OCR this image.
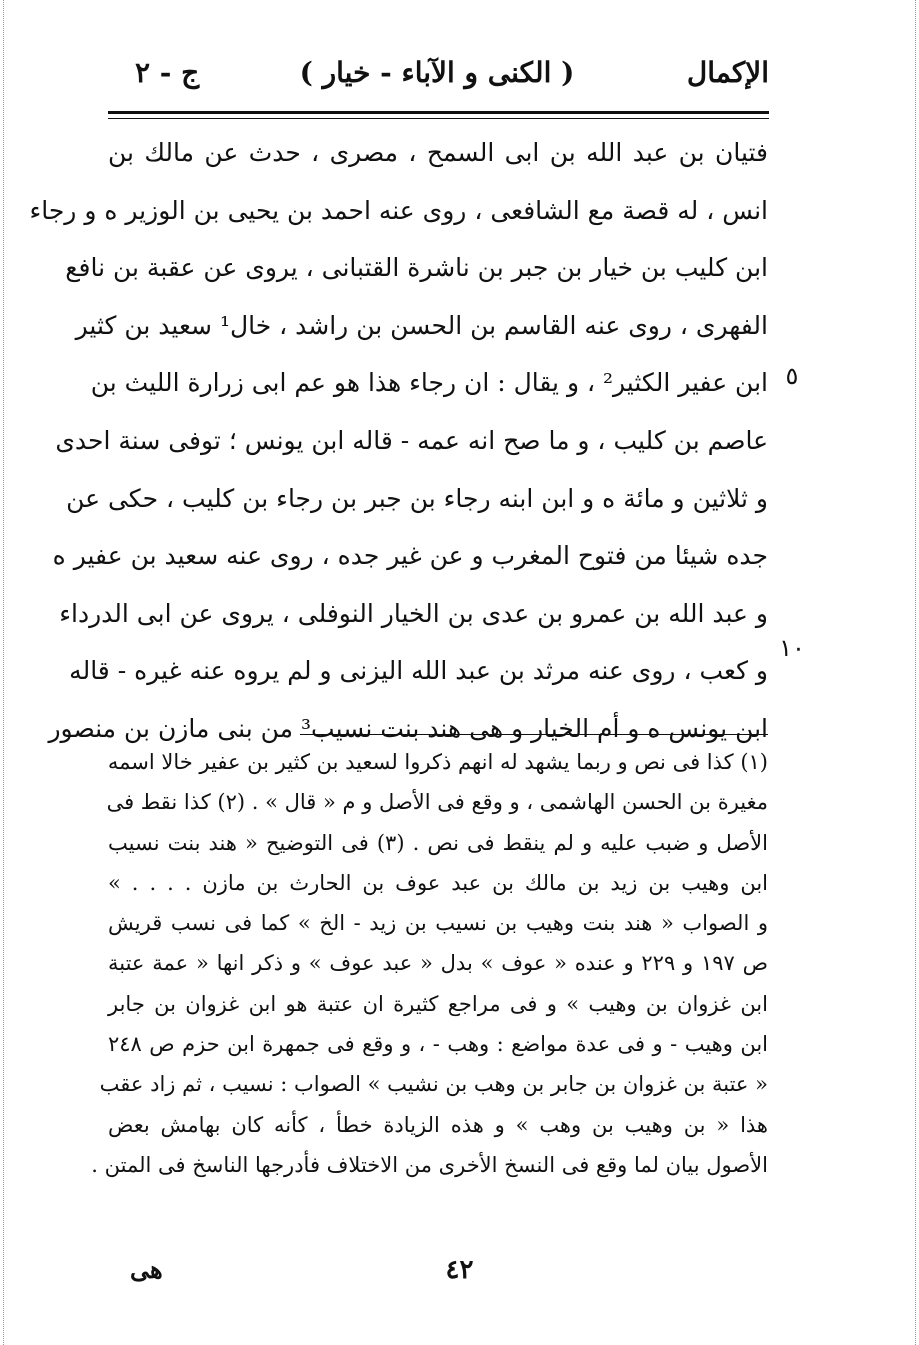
الإكمال
( الكنى و الآباء - خيار )
ج - ٢
فتيان بن عبد الله بن ابى السمح ، مصرى ، حدث عن مالك بن
انس ، له قصة مع الشافعى ، روى عنه احمد بن يحيى بن الوزير ه و رجاء
ابن كليب بن خيار بن جبر بن ناشرة القتبانى ، يروى عن عقبة بن نافع
الفهرى ، روى عنه القاسم بن الحسن بن راشد ، خال¹ سعيد بن كثير
ابن عفير الكثير² ، و يقال : ان رجاء هذا هو عم ابى زرارة الليث بن
عاصم بن كليب ، و ما صح انه عمه - قاله ابن يونس ؛ توفى سنة احدى
و ثلاثين و مائة ه و ابن ابنه رجاء بن جبر بن رجاء بن كليب ، حكى عن
جده شيئا من فتوح المغرب و عن غير جده ، روى عنه سعيد بن عفير ه
و عبد الله بن عمرو بن عدى بن الخيار النوفلى ، يروى عن ابى الدرداء
و كعب ، روى عنه مرثد بن عبد الله اليزنى و لم يروه عنه غيره - قاله
ابن يونس ه و أم الخيار و هى هند بنت نسيب³ من بنى مازن بن منصور
٥
١٠
(١) كذا فى نص و ربما يشهد له انهم ذكروا لسعيد بن كثير بن عفير خالا اسمه
مغيرة بن الحسن الهاشمى ، و وقع فى الأصل و م « قال » . (٢) كذا نقط فى
الأصل و ضبب عليه و لم ينقط فى نص . (٣) فى التوضيح « هند بنت نسيب
ابن وهيب بن زيد بن مالك بن عبد عوف بن الحارث بن مازن . . . . »
و الصواب « هند بنت وهيب بن نسيب بن زيد - الخ » كما فى نسب قريش
ص ١٩٧ و ٢٢٩ و عنده « عوف » بدل « عبد عوف » و ذكر انها « عمة عتبة
ابن غزوان بن وهيب » و فى مراجع كثيرة ان عتبة هو ابن غزوان بن جابر
ابن وهيب - و فى عدة مواضع : وهب - ، و وقع فى جمهرة ابن حزم ص ٢٤٨
« عتبة بن غزوان بن جابر بن وهب بن نشيب » الصواب : نسيب ، ثم زاد عقب
هذا « بن وهيب بن وهب » و هذه الزيادة خطأ ، كأنه كان بهامش بعض
الأصول بيان لما وقع فى النسخ الأخرى من الاختلاف فأدرجها الناسخ فى المتن .
٤٢
هى
